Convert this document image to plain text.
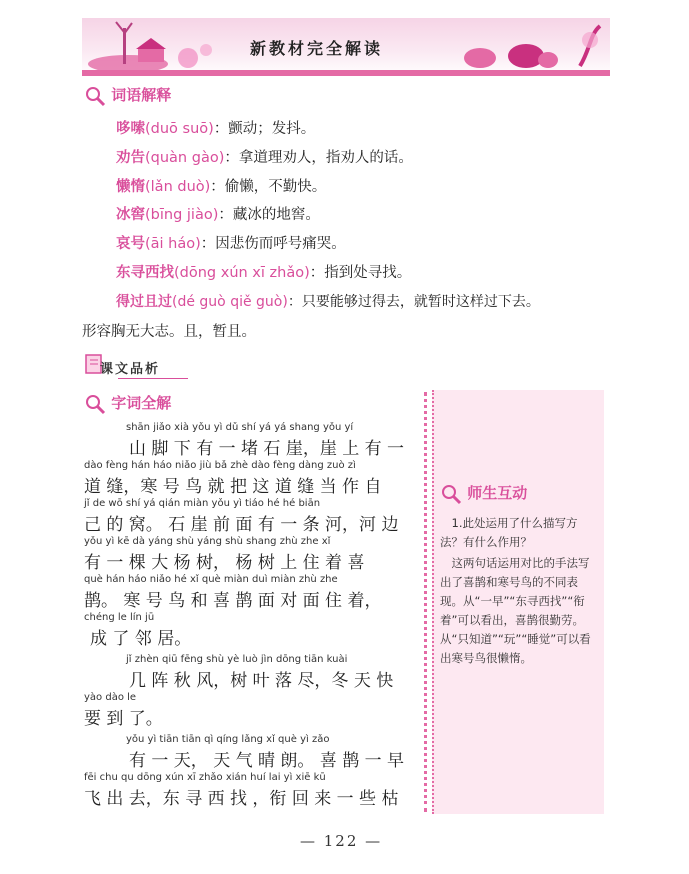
新教材完全解读
词语解释
哆嗦(duō suō)：颤动；发抖。
劝告(quàn gào)：拿道理劝人，指劝人的话。
懒惰(lǎn duò)：偷懒，不勤快。
冰窖(bīng jiào)：藏冰的地窖。
哀号(āi háo)：因悲伤而呼号痛哭。
东寻西找(dōng xún xī zhǎo)：指到处寻找。
得过且过(dé guò qiě guò)：只要能够过得去，就暂时这样过下去。
形容胸无大志。且，暂且。
课文品析
字词全解
shān jiǎo xià yǒu yì dǔ shí yá yá shang yǒu yí
　山 脚 下 有 一 堵 石 崖，崖 上 有 一
dào fèng hán háo niǎo jiù bǎ zhè dào fèng dàng zuò zì
道 缝，寒 号 鸟 就 把 这 道 缝 当 作 自
jǐ de wō shí yá qián miàn yǒu yì tiáo hé hé biān
己 的 窝。 石 崖 前 面 有 一 条 河，河 边
yǒu yì kē dà yáng shù yáng shù shang zhù zhe xǐ
有 一 棵 大 杨 树， 杨 树 上 住 着 喜
què hán háo niǎo hé xǐ què miàn duì miàn zhù zhe
鹊。 寒 号 鸟 和 喜 鹊 面 对 面 住 着，
chéng le lín jū
成 了 邻 居。
jǐ zhèn qiū fēng shù yè luò jìn dōng tiān kuài
　几 阵 秋 风，树 叶 落 尽，冬 天 快
yào dào le
要 到 了。
yǒu yì tiān tiān qì qíng lǎng xǐ què yì zǎo
　有 一 天， 天 气 晴 朗。 喜 鹊 一 早
fēi chu qu dōng xún xī zhǎo xián huí lai yì xiē kū
飞 出 去，东 寻 西 找 ，衔 回 来 一 些 枯
师生互动
1.此处运用了什么描写方法？有什么作用？
这两句话运用对比的手法写出了喜鹊和寒号鸟的不同表现。从“一早”“东寻西找”“衔着”可以看出，喜鹊很勤劳。从“只知道”“玩”“睡觉”可以看出寒号鸟很懒惰。
— 122 —
